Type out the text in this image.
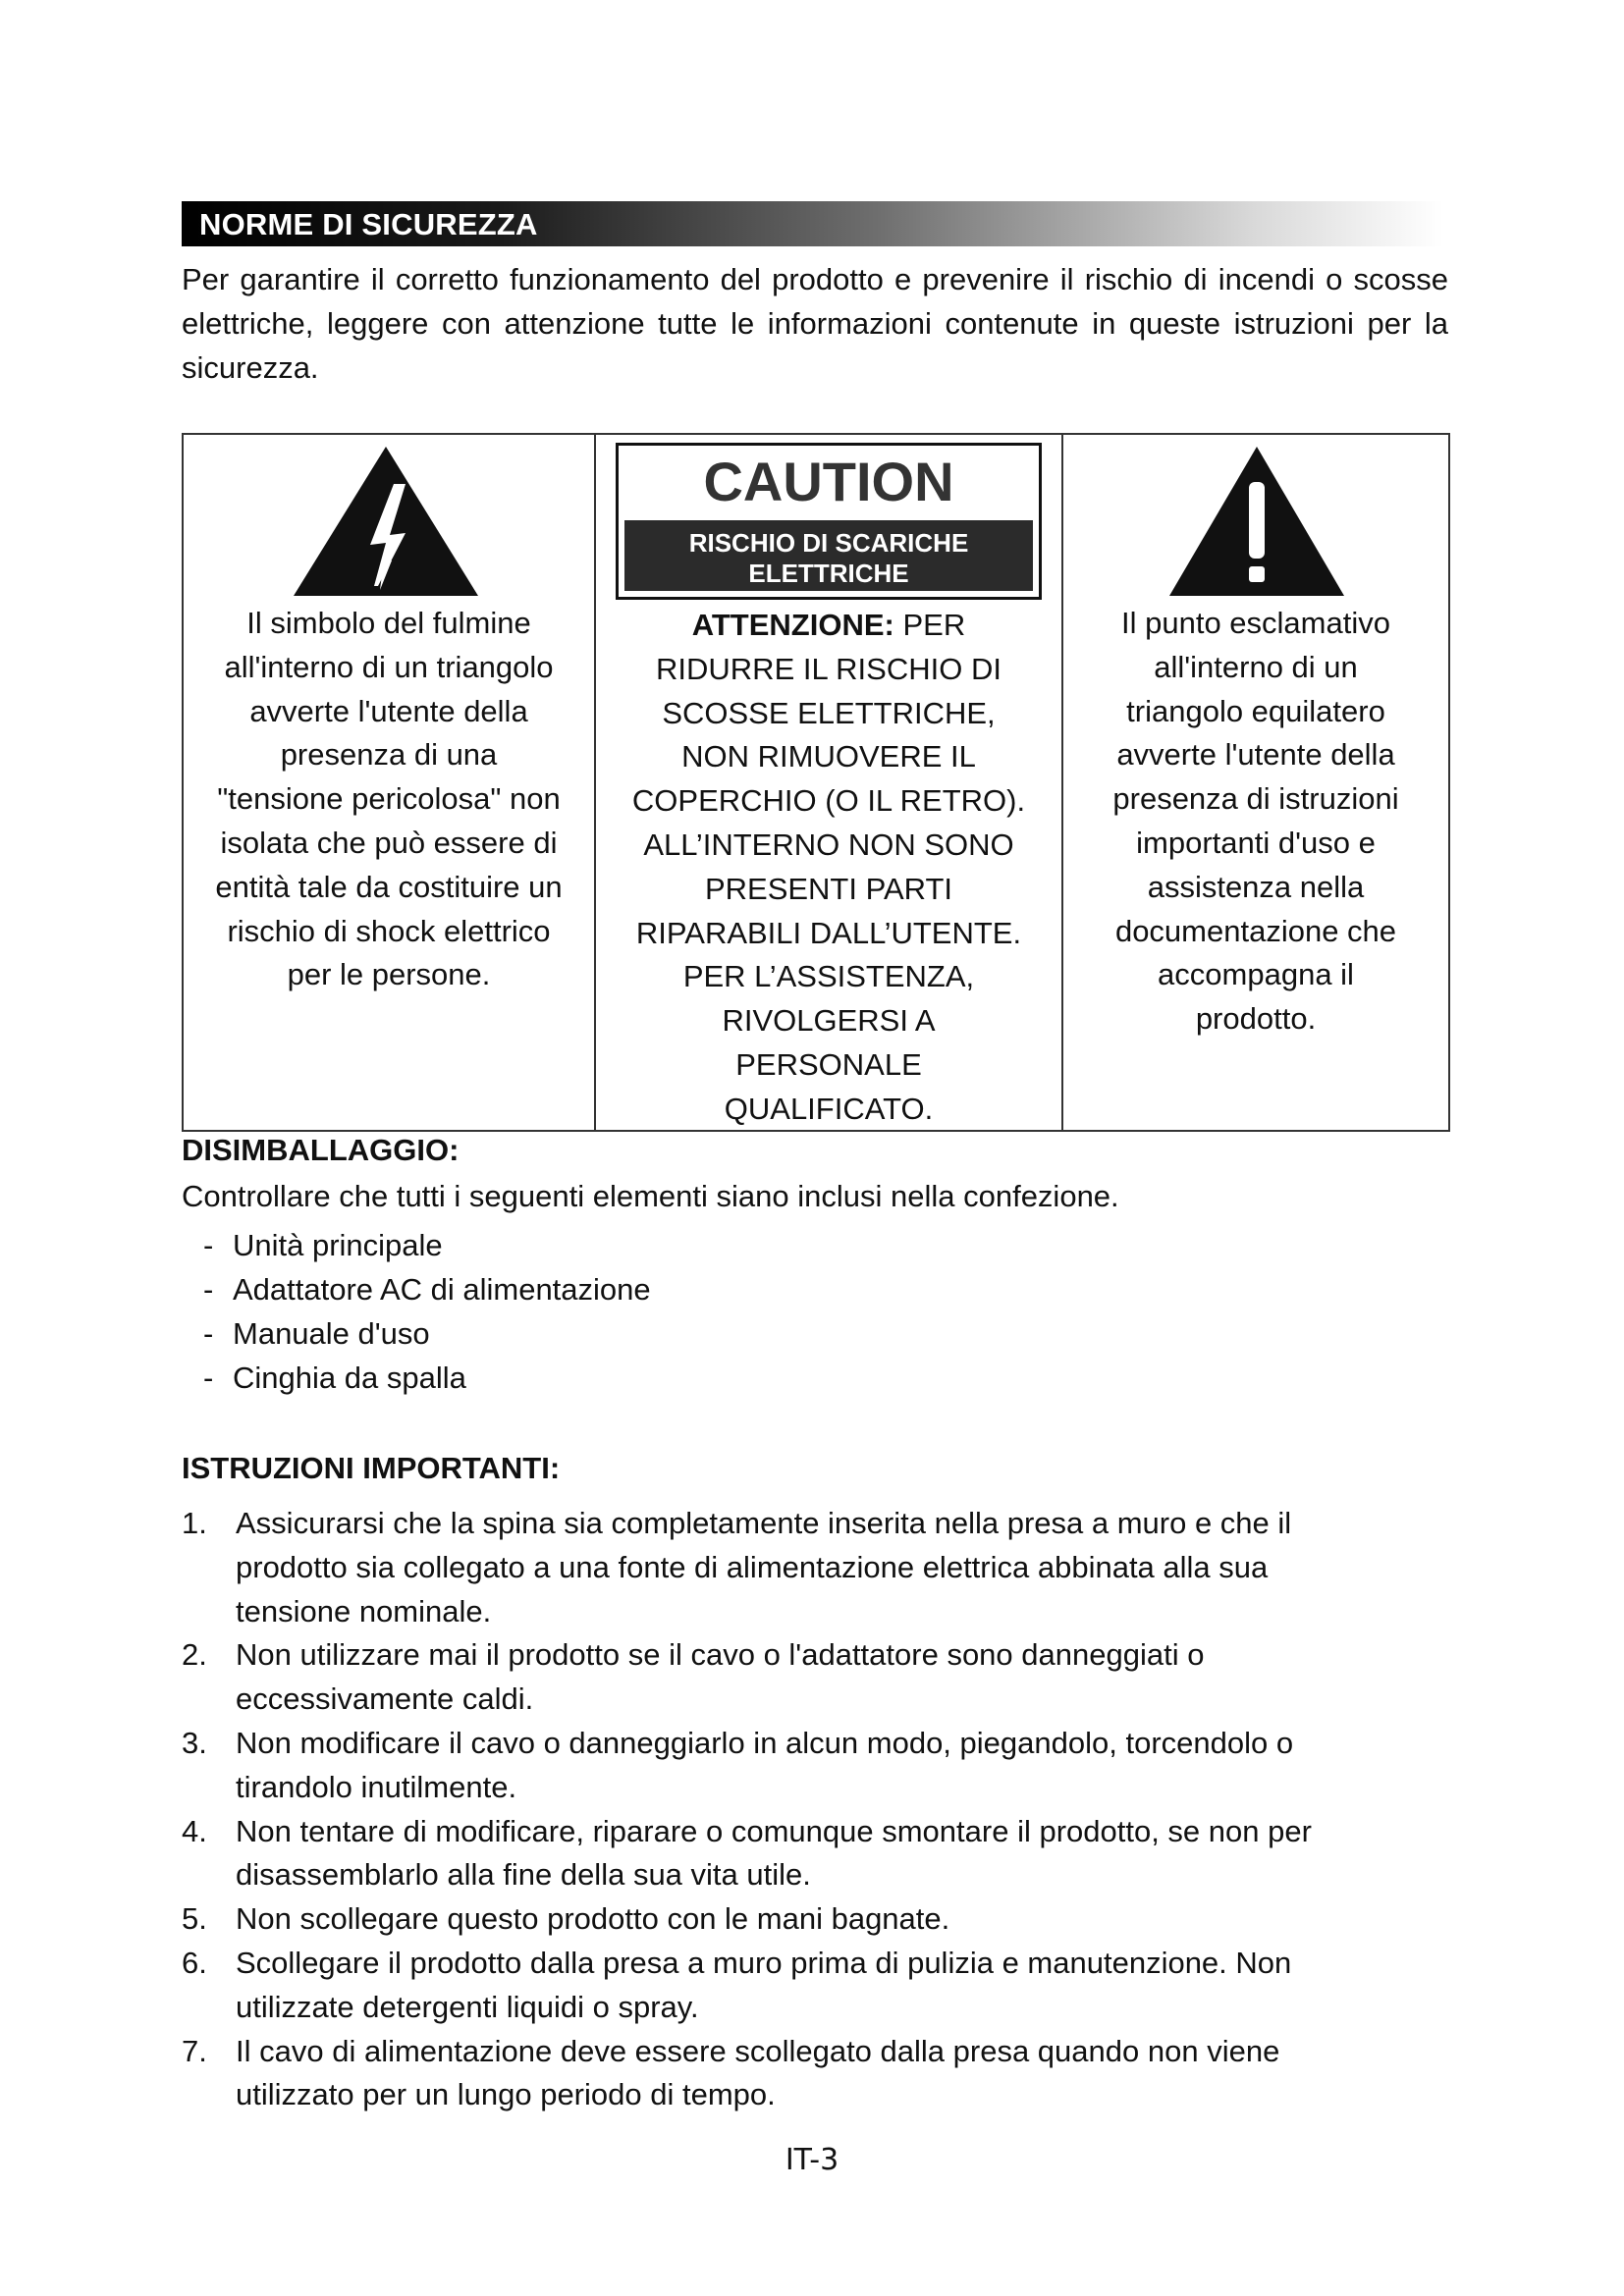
NORME DI SICUREZZA
Per garantire il corretto funzionamento del prodotto e prevenire il rischio di incendi o scosse elettriche, leggere con attenzione tutte le informazioni contenute in queste istruzioni per la sicurezza.
Il simbolo del fulmine
all'interno di un triangolo
avverte l'utente della
presenza di una
"tensione pericolosa" non
isolata che può essere di
entità tale da costituire un
rischio di shock elettrico
per le persone.
CAUTION
RISCHIO DI SCARICHE
ELETTRICHE
ATTENZIONE: PER
RIDURRE IL RISCHIO DI
SCOSSE ELETTRICHE,
NON RIMUOVERE IL
COPERCHIO (O IL RETRO).
ALL’INTERNO NON SONO
PRESENTI PARTI
RIPARABILI DALL’UTENTE.
PER L’ASSISTENZA,
RIVOLGERSI A
PERSONALE
QUALIFICATO.
Il punto esclamativo
all'interno di un
triangolo equilatero
avverte l'utente della
presenza di istruzioni
importanti d'uso e
assistenza nella
documentazione che
accompagna il
prodotto.
DISIMBALLAGGIO:
Controllare che tutti i seguenti elementi siano inclusi nella confezione.
- Unità principale
- Adattatore AC di alimentazione
- Manuale d'uso
- Cinghia da spalla
ISTRUZIONI IMPORTANTI:
1. Assicurarsi che la spina sia completamente inserita nella presa a muro e che il
prodotto sia collegato a una fonte di alimentazione elettrica abbinata alla sua
tensione nominale.
2. Non utilizzare mai il prodotto se il cavo o l'adattatore sono danneggiati o
eccessivamente caldi.
3. Non modificare il cavo o danneggiarlo in alcun modo, piegandolo, torcendolo o
tirandolo inutilmente.
4. Non tentare di modificare, riparare o comunque smontare il prodotto, se non per
disassemblarlo alla fine della sua vita utile.
5. Non scollegare questo prodotto con le mani bagnate.
6. Scollegare il prodotto dalla presa a muro prima di pulizia e manutenzione. Non
utilizzate detergenti liquidi o spray.
7. Il cavo di alimentazione deve essere scollegato dalla presa quando non viene
utilizzato per un lungo periodo di tempo.
IT-3
